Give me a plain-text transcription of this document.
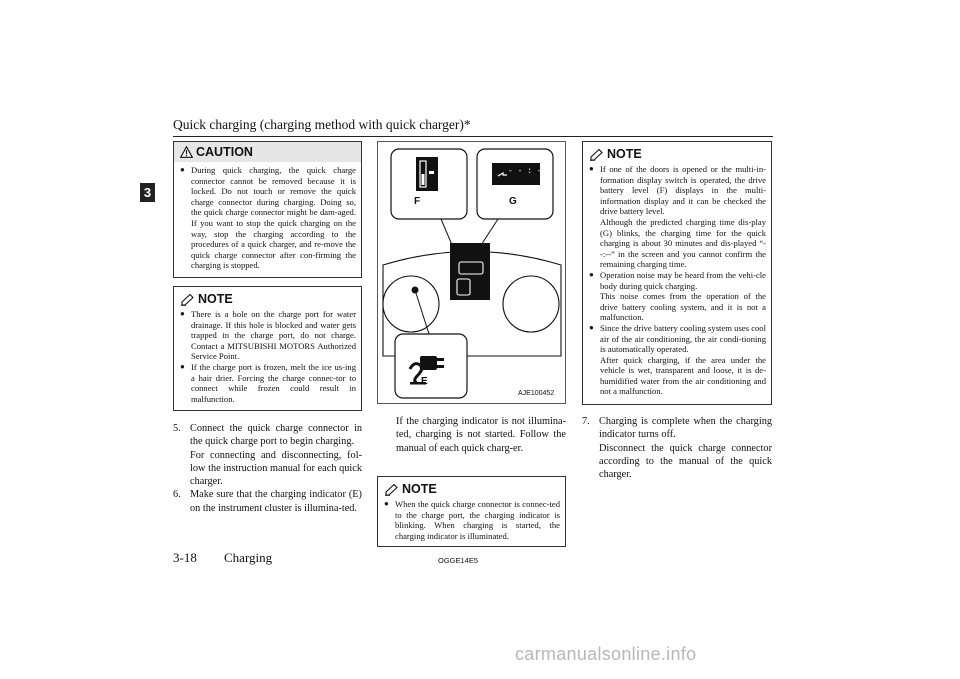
Quick charging (charging method with quick charger)*
3
CAUTION
● During quick charging, the quick charge connector cannot be removed because it is locked. Do not touch or remove the quick charge connector during charging. Doing so, the quick charge connector might be dam-aged. If you want to stop the quick charging on the way, stop the charging according to the procedures of a quick charger, and re-move the quick charge connector after con-firming the charging is stopped.
NOTE
● There is a hole on the charge port for water drainage. If this hole is blocked and water gets trapped in the charge port, do not charge. Contact a MITSUBISHI MOTORS Authorized Service Point.
● If the charge port is frozen, melt the ice us-ing a hair drier. Forcing the charge connec-tor to connect while frozen could result in malfunction.
5. Connect the quick charge connector in the quick charge port to begin charging.
For connecting and disconnecting, fol-low the instruction manual for each quick charger.
6. Make sure that the charging indicator (E) on the instrument cluster is illumina-ted.
F	G
- - : - -
E
AJE100452
If the charging indicator is not illumina-ted, charging is not started. Follow the manual of each quick charg-er.
NOTE
● When the quick charge connector is connec-ted to the charge port, the charging indicator is blinking. When charging is started, the charging indicator is illuminated.
NOTE
● If one of the doors is opened or the multi-in-formation display switch is operated, the drive battery level (F) displays in the multi-information display and it can be checked the drive battery level.
Although the predicted charging time dis-play (G) blinks, the charging time for the quick charging is about 30 minutes and dis-played “--:--” in the screen and you cannot confirm the remaining charging time.
● Operation noise may be heard from the vehi-cle body during quick charging.
This noise comes from the operation of the drive battery cooling system, and it is not a malfunction.
● Since the drive battery cooling system uses cool air of the air conditioning, the air condi-tioning is automatically operated.
After quick charging, if the area under the vehicle is wet, transparent and loose, it is de-humidified water from the air conditioning and not a malfunction.
7. Charging is complete when the charging indicator turns off.
Disconnect the quick charge connector according to the manual of the quick charger.
3-18 Charging	OGGE14E5
carmanualsonline.info
